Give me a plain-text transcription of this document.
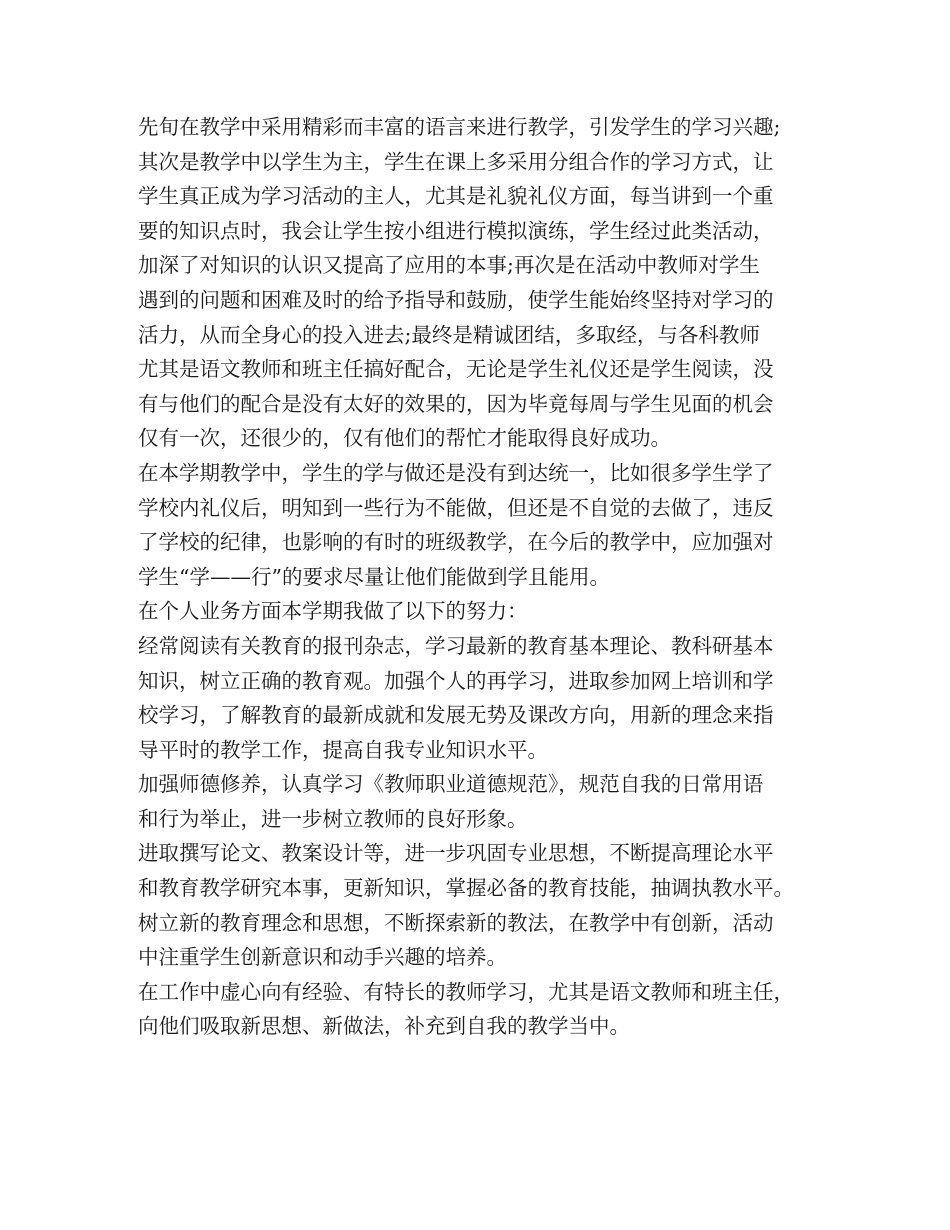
先旬在教学中采用精彩而丰富的语言来进行教学，引发学生的学习兴趣;
其次是教学中以学生为主，学生在课上多采用分组合作的学习方式，让
学生真正成为学习活动的主人，尤其是礼貌礼仪方面，每当讲到一个重
要的知识点时，我会让学生按小组进行模拟演练，学生经过此类活动，
加深了对知识的认识又提高了应用的本事;再次是在活动中教师对学生
遇到的问题和困难及时的给予指导和鼓励，使学生能始终坚持对学习的
活力，从而全身心的投入进去;最终是精诚团结，多取经，与各科教师
尤其是语文教师和班主任搞好配合，无论是学生礼仪还是学生阅读，没
有与他们的配合是没有太好的效果的，因为毕竟每周与学生见面的机会
仅有一次，还很少的，仅有他们的帮忙才能取得良好成功。
在本学期教学中，学生的学与做还是没有到达统一，比如很多学生学了
学校内礼仪后，明知到一些行为不能做，但还是不自觉的去做了，违反
了学校的纪律，也影响的有时的班级教学，在今后的教学中，应加强对
学生“学——行”的要求尽量让他们能做到学且能用。
在个人业务方面本学期我做了以下的努力：
经常阅读有关教育的报刊杂志，学习最新的教育基本理论、教科研基本
知识，树立正确的教育观。加强个人的再学习，进取参加网上培训和学
校学习，了解教育的最新成就和发展无势及课改方向，用新的理念来指
导平时的教学工作，提高自我专业知识水平。
加强师德修养，认真学习《教师职业道德规范》，规范自我的日常用语
和行为举止，进一步树立教师的良好形象。
进取撰写论文、教案设计等，进一步巩固专业思想，不断提高理论水平
和教育教学研究本事，更新知识，掌握必备的教育技能，抽调执教水平。
树立新的教育理念和思想，不断探索新的教法，在教学中有创新，活动
中注重学生创新意识和动手兴趣的培养。
在工作中虚心向有经验、有特长的教师学习，尤其是语文教师和班主任，
向他们吸取新思想、新做法，补充到自我的教学当中。
